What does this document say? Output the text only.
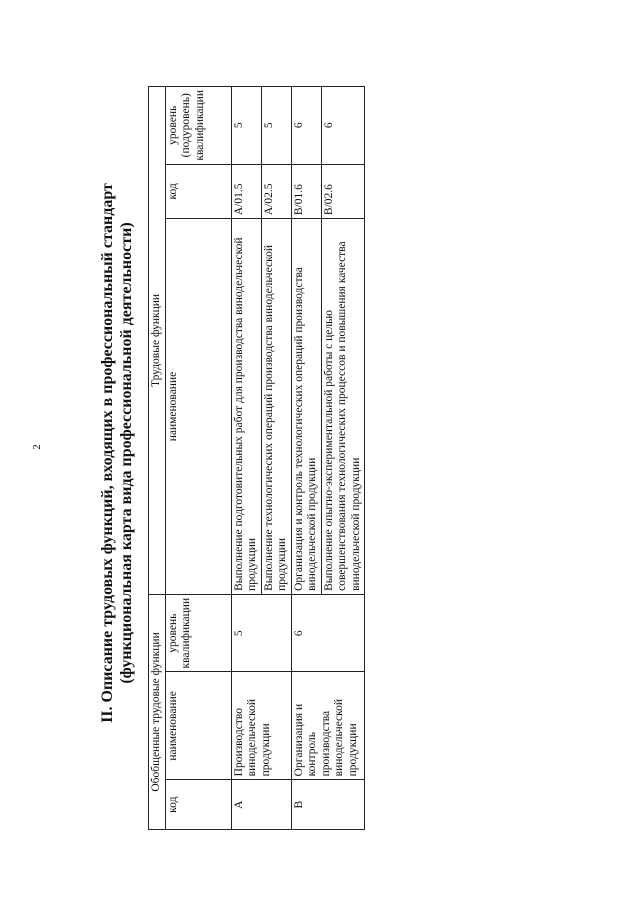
2	II. Описание трудовых функций, входящих в профессиональный стандарт (функциональная карта вида профессиональной деятельности)
Обобщенные трудовые функции			Трудовые функции		
код	наименование	уровень квалификации	наименование	код	уровень (подуровень) квалификации
A	Производство винодельческой продукции	5	Выполнение подготовительных работ для производства винодельческой продукции	A/01.5	5
			Выполнение технологических операций производства винодельческой продукции	A/02.5	5
B	Организация и контроль производства винодельческой продукции	6	Организация и контроль технологических операций производства винодельческой продукции	B/01.6	6
			Выполнение опытно-экспериментальной работы с целью совершенствования технологических процессов и повышения качества винодельческой продукции	B/02.6	6
